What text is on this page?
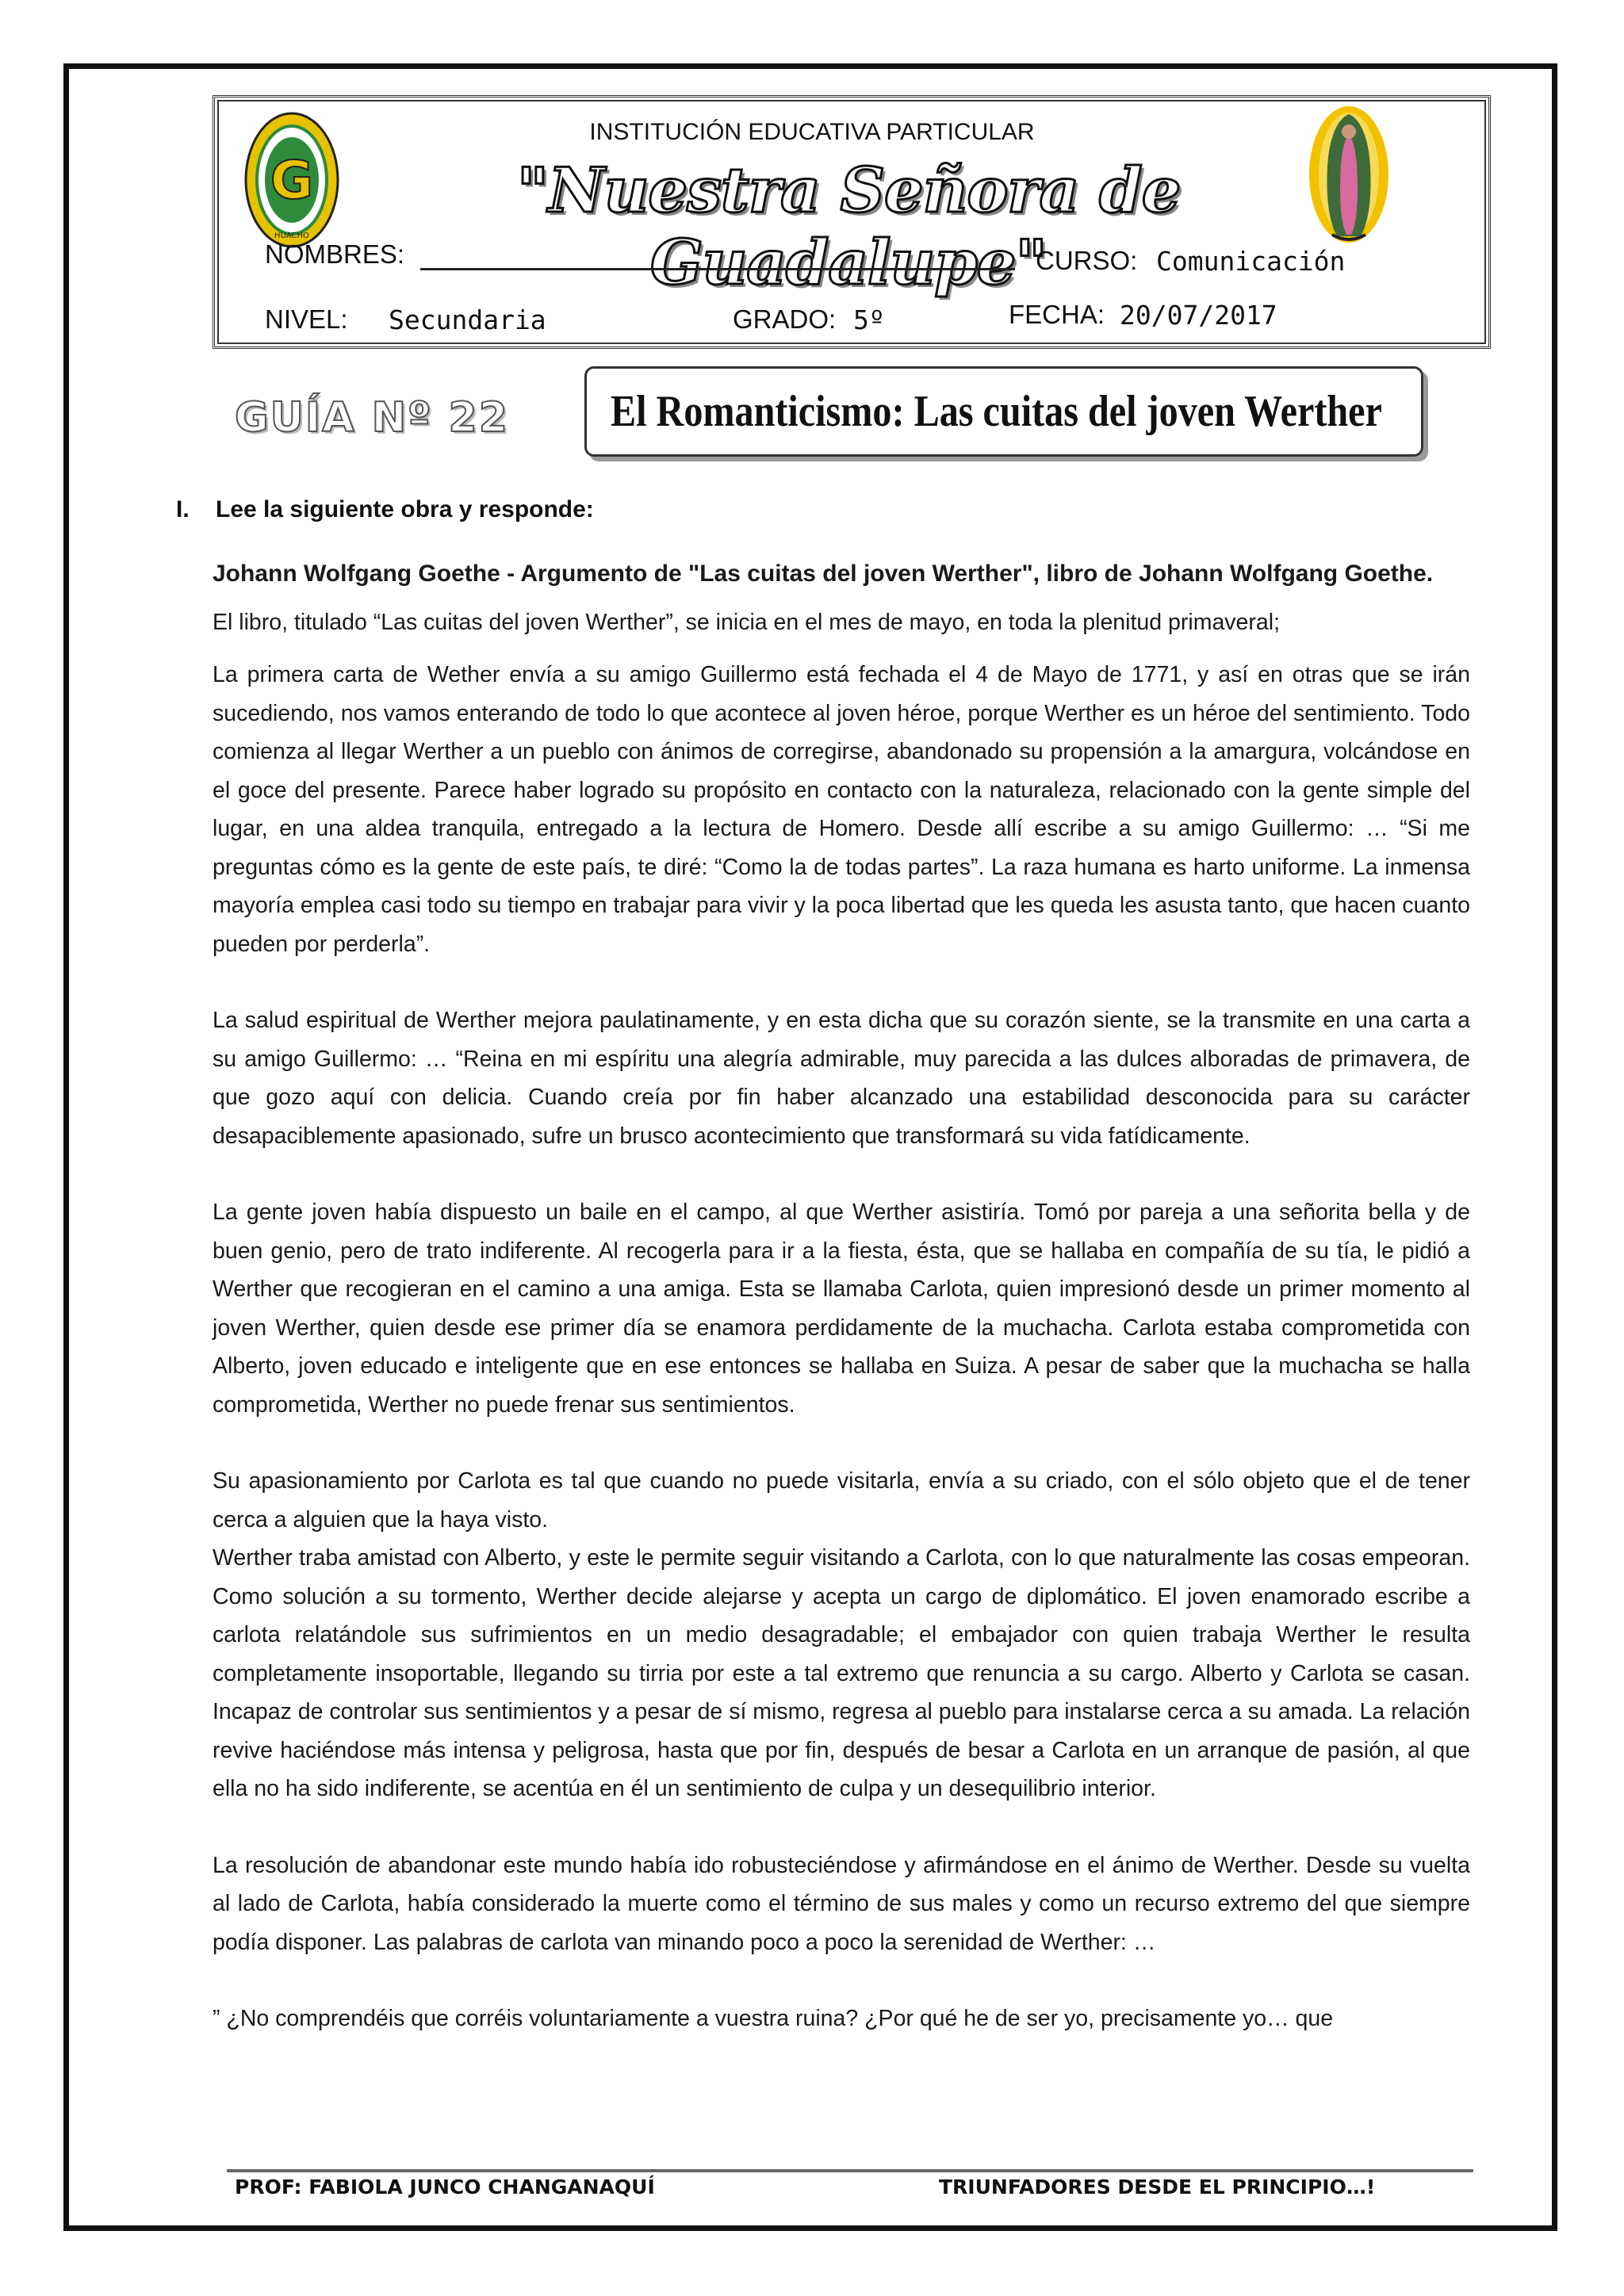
G
HUACHO
INSTITUCIÓN EDUCATIVA PARTICULAR
"Nuestra Señora de Guadalupe"
NOMBRES:	CURSO: Comunicación
NIVEL: Secundaria	GRADO: 5º	FECHA: 20/07/2017
GUÍA Nº 22 El Romanticismo: Las cuitas del joven Werther
I. Lee la siguiente obra y responde:

Johann Wolfgang Goethe - Argumento de "Las cuitas del joven Werther", libro de Johann Wolfgang Goethe.

El libro, titulado “Las cuitas del joven Werther”, se inicia en el mes de mayo, en toda la plenitud primaveral;

La primera carta de Wether envía a su amigo Guillermo está fechada el 4 de Mayo de 1771, y así en otras que se irán sucediendo, nos vamos enterando de todo lo que acontece al joven héroe, porque Werther es un héroe del sentimiento. Todo comienza al llegar Werther a un pueblo con ánimos de corregirse, abandonado su propensión a la amargura, volcándose en el goce del presente. Parece haber logrado su propósito en contacto con la naturaleza, relacionado con la gente simple del lugar, en una aldea tranquila, entregado a la lectura de Homero. Desde allí escribe a su amigo Guillermo: … “Si me preguntas cómo es la gente de este país, te diré: “Como la de todas partes”. La raza humana es harto uniforme. La inmensa mayoría emplea casi todo su tiempo en trabajar para vivir y la poca libertad que les queda les asusta tanto, que hacen cuanto pueden por perderla”.

La salud espiritual de Werther mejora paulatinamente, y en esta dicha que su corazón siente, se la transmite en una carta a su amigo Guillermo: … “Reina en mi espíritu una alegría admirable, muy parecida a las dulces alboradas de primavera, de que gozo aquí con delicia. Cuando creía por fin haber alcanzado una estabilidad desconocida para su carácter desapaciblemente apasionado, sufre un brusco acontecimiento que transformará su vida fatídicamente.

La gente joven había dispuesto un baile en el campo, al que Werther asistiría. Tomó por pareja a una señorita bella y de buen genio, pero de trato indiferente. Al recogerla para ir a la fiesta, ésta, que se hallaba en compañía de su tía, le pidió a Werther que recogieran en el camino a una amiga. Esta se llamaba Carlota, quien impresionó desde un primer momento al joven Werther, quien desde ese primer día se enamora perdidamente de la muchacha. Carlota estaba comprometida con Alberto, joven educado e inteligente que en ese entonces se hallaba en Suiza. A pesar de saber que la muchacha se halla comprometida, Werther no puede frenar sus sentimientos.

Su apasionamiento por Carlota es tal que cuando no puede visitarla, envía a su criado, con el sólo objeto que el de tener cerca a alguien que la haya visto.

Werther traba amistad con Alberto, y este le permite seguir visitando a Carlota, con lo que naturalmente las cosas empeoran. Como solución a su tormento, Werther decide alejarse y acepta un cargo de diplomático. El joven enamorado escribe a carlota relatándole sus sufrimientos en un medio desagradable; el embajador con quien trabaja Werther le resulta completamente insoportable, llegando su tirria por este a tal extremo que renuncia a su cargo. Alberto y Carlota se casan. Incapaz de controlar sus sentimientos y a pesar de sí mismo, regresa al pueblo para instalarse cerca a su amada. La relación revive haciéndose más intensa y peligrosa, hasta que por fin, después de besar a Carlota en un arranque de pasión, al que ella no ha sido indiferente, se acentúa en él un sentimiento de culpa y un desequilibrio interior.

La resolución de abandonar este mundo había ido robusteciéndose y afirmándose en el ánimo de Werther. Desde su vuelta al lado de Carlota, había considerado la muerte como el término de sus males y como un recurso extremo del que siempre podía disponer. Las palabras de carlota van minando poco a poco la serenidad de Werther: …

” ¿No comprendéis que corréis voluntariamente a vuestra ruina? ¿Por qué he de ser yo, precisamente yo… que

PROF: FABIOLA JUNCO CHANGANAQUÍ	TRIUNFADORES DESDE EL PRINCIPIO…!
